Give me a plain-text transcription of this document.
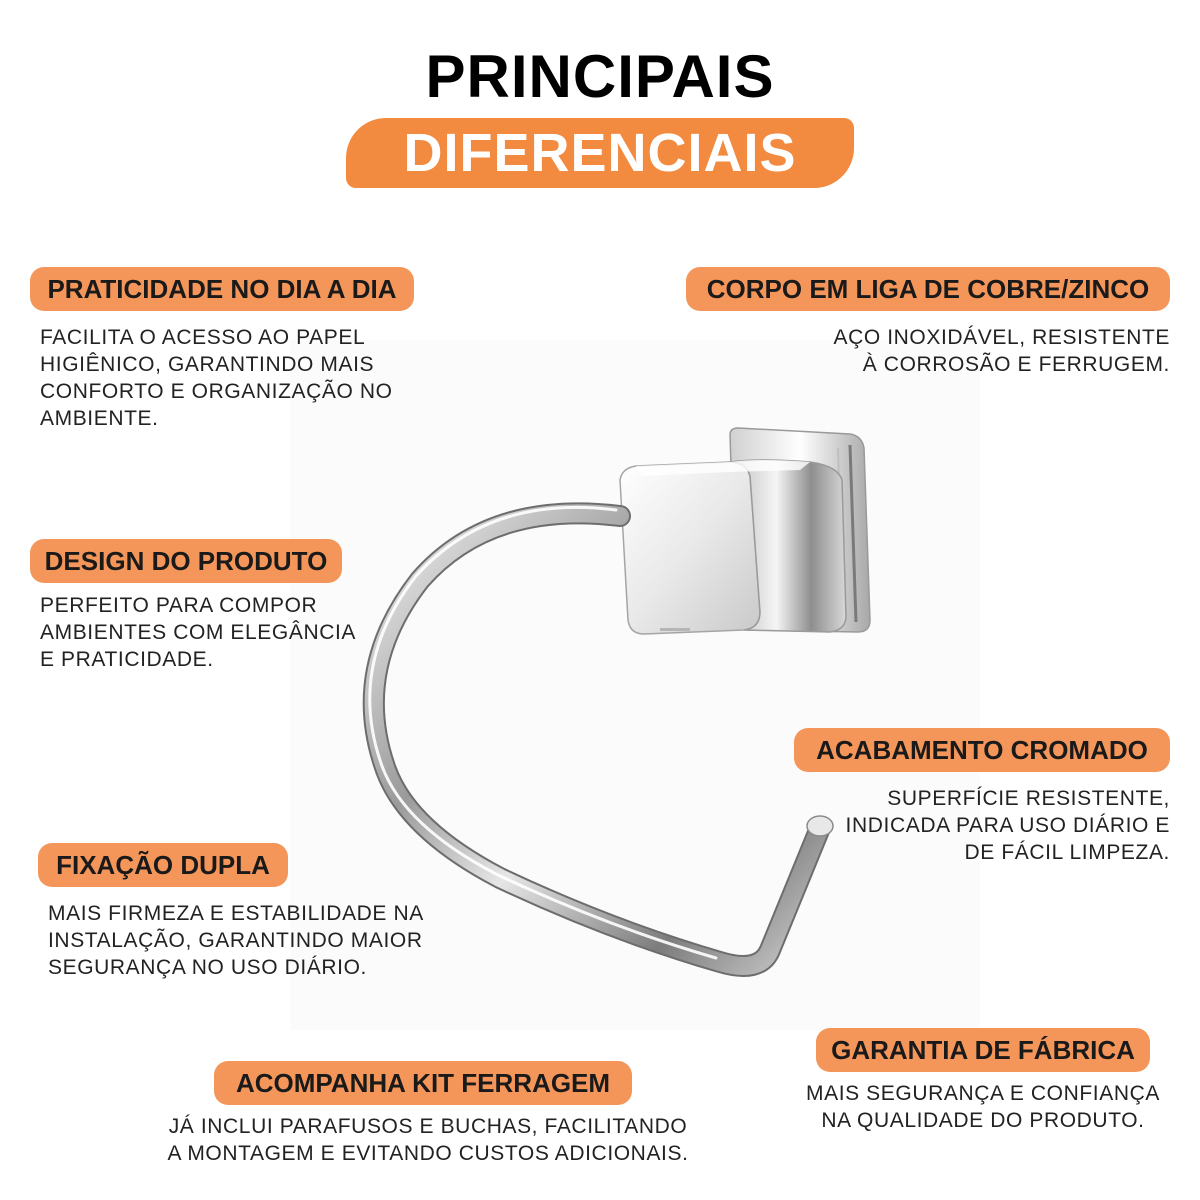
PRINCIPAIS
DIFERENCIAIS
PRATICIDADE NO DIA A DIA
FACILITA O ACESSO AO PAPEL
HIGIÊNICO, GARANTINDO MAIS
CONFORTO E ORGANIZAÇÃO NO
AMBIENTE.
CORPO EM LIGA DE COBRE/ZINCO
AÇO INOXIDÁVEL, RESISTENTE
À CORROSÃO E FERRUGEM.
DESIGN DO PRODUTO
PERFEITO PARA COMPOR
AMBIENTES COM ELEGÂNCIA
E PRATICIDADE.
ACABAMENTO CROMADO
SUPERFÍCIE RESISTENTE,
INDICADA PARA USO DIÁRIO E
DE FÁCIL LIMPEZA.
FIXAÇÃO DUPLA
MAIS FIRMEZA E ESTABILIDADE NA
INSTALAÇÃO, GARANTINDO MAIOR
SEGURANÇA NO USO DIÁRIO.
GARANTIA DE FÁBRICA
MAIS SEGURANÇA E CONFIANÇA
NA QUALIDADE DO PRODUTO.
ACOMPANHA KIT FERRAGEM
JÁ INCLUI PARAFUSOS E BUCHAS, FACILITANDO
A MONTAGEM E EVITANDO CUSTOS ADICIONAIS.
